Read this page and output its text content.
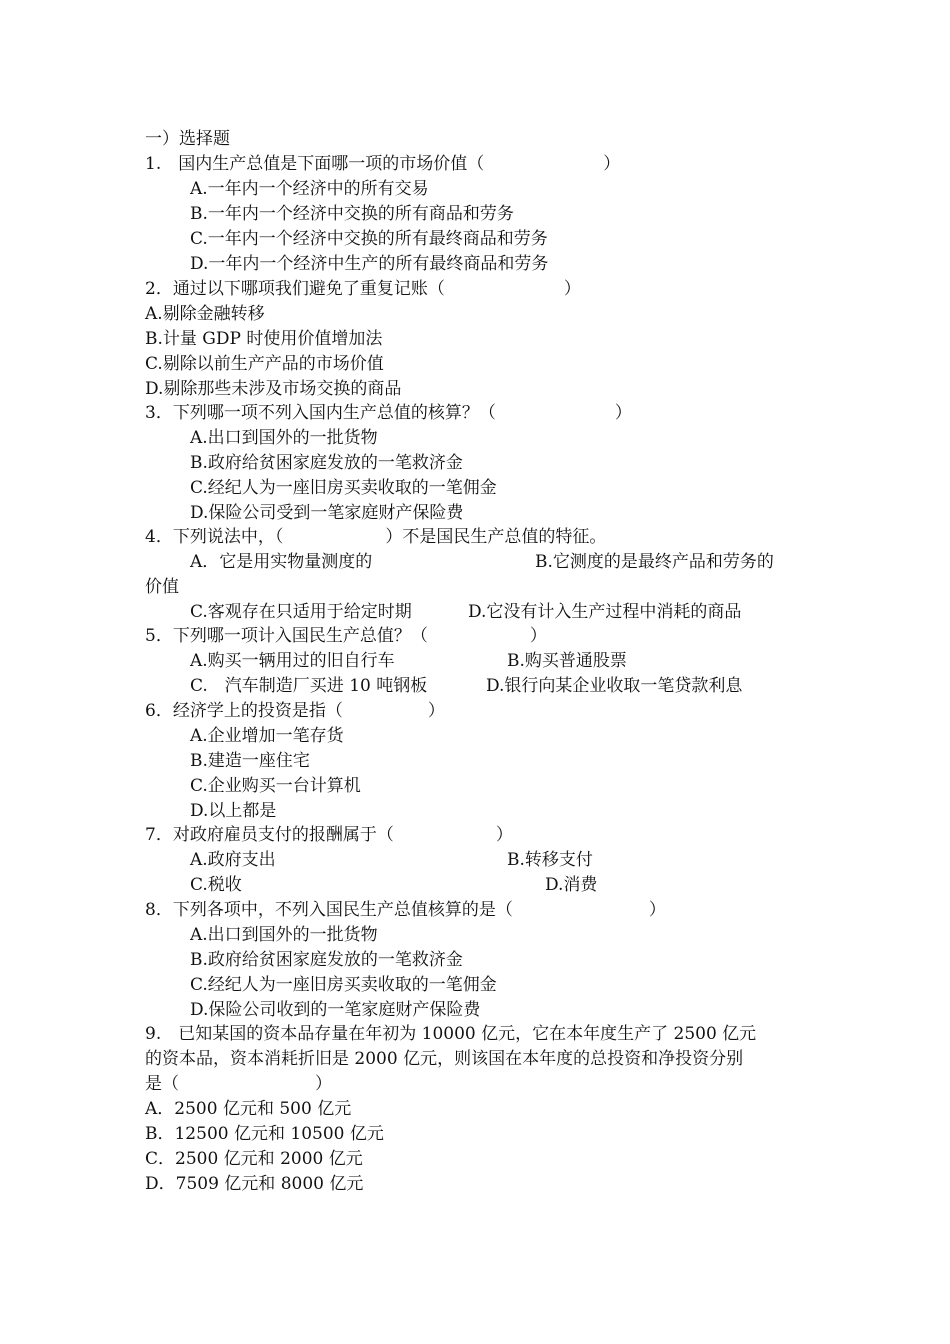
一）选择题
1.　国内生产总值是下面哪一项的市场价值（　　　　　　　）
A.一年内一个经济中的所有交易
B.一年内一个经济中交换的所有商品和劳务
C.一年内一个经济中交换的所有最终商品和劳务
D.一年内一个经济中生产的所有最终商品和劳务
2．通过以下哪项我们避免了重复记账（　　　　　　　）
A.剔除金融转移
B.计量 GDP 时使用价值增加法
C.剔除以前生产产品的市场价值
D.剔除那些未涉及市场交换的商品
3．下列哪一项不列入国内生产总值的核算？（　　　　　　　）
A.出口到国外的一批货物
B.政府给贫困家庭发放的一笔救济金
C.经纪人为一座旧房买卖收取的一笔佣金
D.保险公司受到一笔家庭财产保险费
4．下列说法中，（　　　　　　）不是国民生产总值的特征。
A．它是用实物量测度的	B.它测度的是最终产品和劳务的
价值
C.客观存在只适用于给定时期	D.它没有计入生产过程中消耗的商品
5．下列哪一项计入国民生产总值？（　　　　　　）
A.购买一辆用过的旧自行车	B.购买普通股票
C.　汽车制造厂买进 10 吨钢板	D.银行向某企业收取一笔贷款利息
6．经济学上的投资是指（　　　　　）
A.企业增加一笔存货
B.建造一座住宅
C.企业购买一台计算机
D.以上都是
7．对政府雇员支付的报酬属于（　　　　　　）
A.政府支出	B.转移支付
C.税收	D.消费
8．下列各项中，不列入国民生产总值核算的是（　　　　　　　　）
A.出口到国外的一批货物
B.政府给贫困家庭发放的一笔救济金
C.经纪人为一座旧房买卖收取的一笔佣金
D.保险公司收到的一笔家庭财产保险费
9.　已知某国的资本品存量在年初为 10000 亿元，它在本年度生产了 2500 亿元
的资本品，资本消耗折旧是 2000 亿元，则该国在本年度的总投资和净投资分别
是（　　　　　　　　）
A．2500 亿元和 500 亿元
B．12500 亿元和 10500 亿元
C．2500 亿元和 2000 亿元
D．7509 亿元和 8000 亿元
